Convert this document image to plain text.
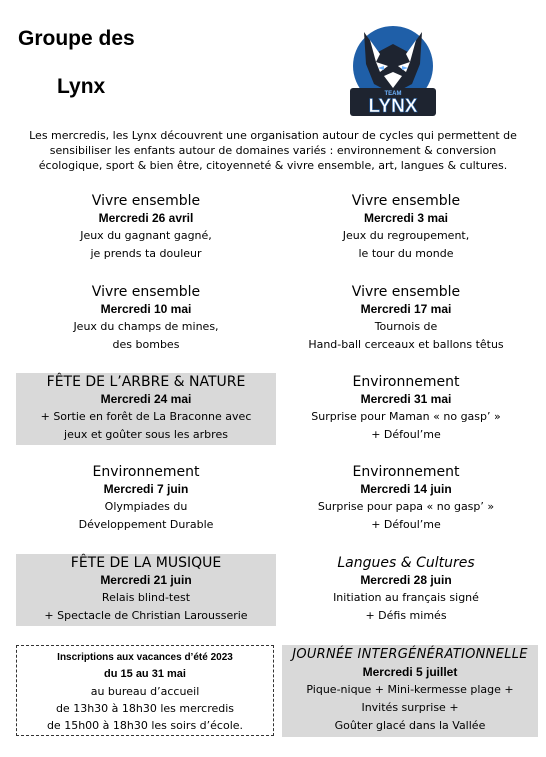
Groupe des
Lynx	TEAM
LYNX
Les mercredis, les Lynx découvrent une organisation autour de cycles qui permettent de sensibiliser les enfants autour de domaines variés : environnement & conversion écologique, sport & bien être, citoyenneté & vivre ensemble, art, langues & cultures.
Vivre ensemble
Mercredi 26 avril
Jeux du gagnant gagné,
je prends ta douleur
Vivre ensemble
Mercredi 3 mai
Jeux du regroupement,
le tour du monde
Vivre ensemble
Mercredi 10 mai
Jeux du champs de mines,
des bombes
Vivre ensemble
Mercredi 17 mai
Tournois de
Hand-ball cerceaux et ballons têtus
FÊTE DE L’ARBRE & NATURE
Mercredi 24 mai
+ Sortie en forêt de La Braconne avec
jeux et goûter sous les arbres
Environnement
Mercredi 31 mai
Surprise pour Maman « no gasp’ »
+ Défoul’me
Environnement
Mercredi 7 juin
Olympiades du
Développement Durable
Environnement
Mercredi 14 juin
Surprise pour papa « no gasp’ »
+ Défoul’me
FÊTE DE LA MUSIQUE
Mercredi 21 juin
Relais blind-test
+ Spectacle de Christian Larousserie
Langues & Cultures
Mercredi 28 juin
Initiation au français signé
+ Défis mimés
Inscriptions aux vacances d’été 2023
du 15 au 31 mai
au bureau d’accueil
de 13h30 à 18h30 les mercredis
de 15h00 à 18h30 les soirs d’école.
JOURNÉE INTERGÉNÉRATIONNELLE
Mercredi 5 juillet
Pique-nique + Mini-kermesse plage +
Invités surprise +
Goûter glacé dans la Vallée
